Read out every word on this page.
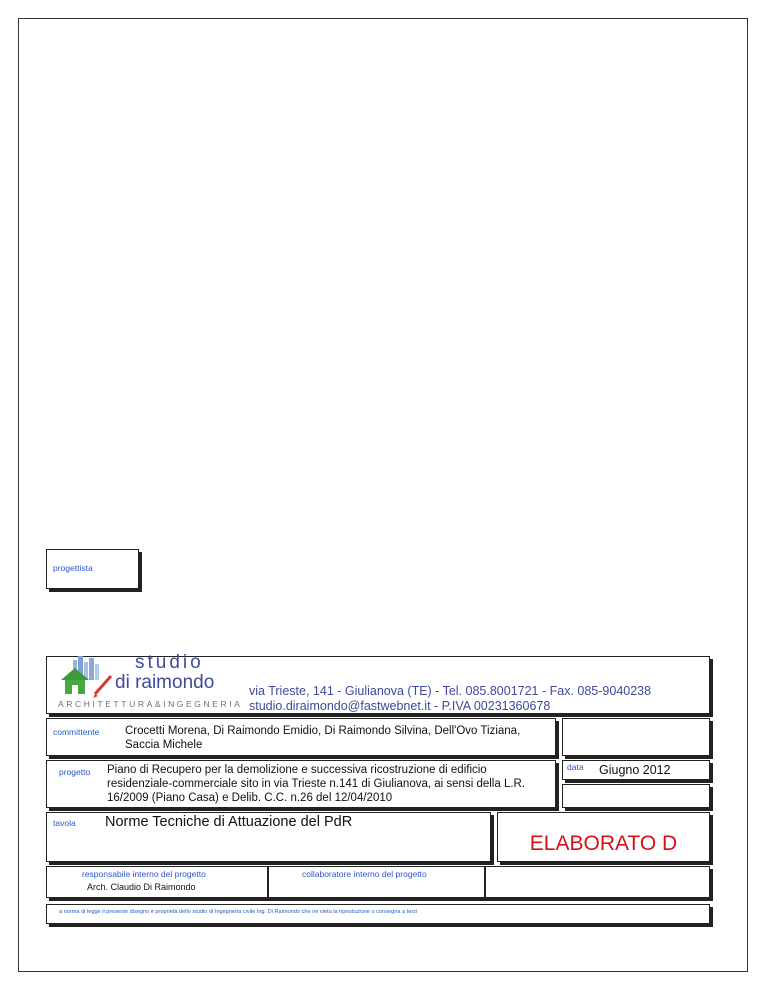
progettista
studio
di raimondo
ARCHITETTURA&INGEGNERIA
via Trieste, 141 - Giulianova (TE) - Tel. 085.8001721 - Fax. 085-9040238
studio.diraimondo@fastwebnet.it - P.IVA 00231360678
committente Crocetti Morena, Di Raimondo Emidio, Di Raimondo Silvina, Dell'Ovo Tiziana, Saccia Michele
progetto Piano di Recupero per la demolizione e successiva ricostruzione di edificio residenziale-commerciale sito in via Trieste n.141 di Giulianova, ai sensi della L.R. 16/2009 (Piano Casa) e Delib. C.C. n.26 del 12/04/2010
data Giugno 2012
tavola Norme Tecniche di Attuazione del PdR
ELABORATO D
responsabile interno del progetto
Arch. Claudio Di Raimondo
collaboratore interno del progetto
a norma di legge il presente disegno è proprietà dello studio di Ingegneria civile Ing. Di Raimondo che ne vieta la riproduzione o consegna a terzi
